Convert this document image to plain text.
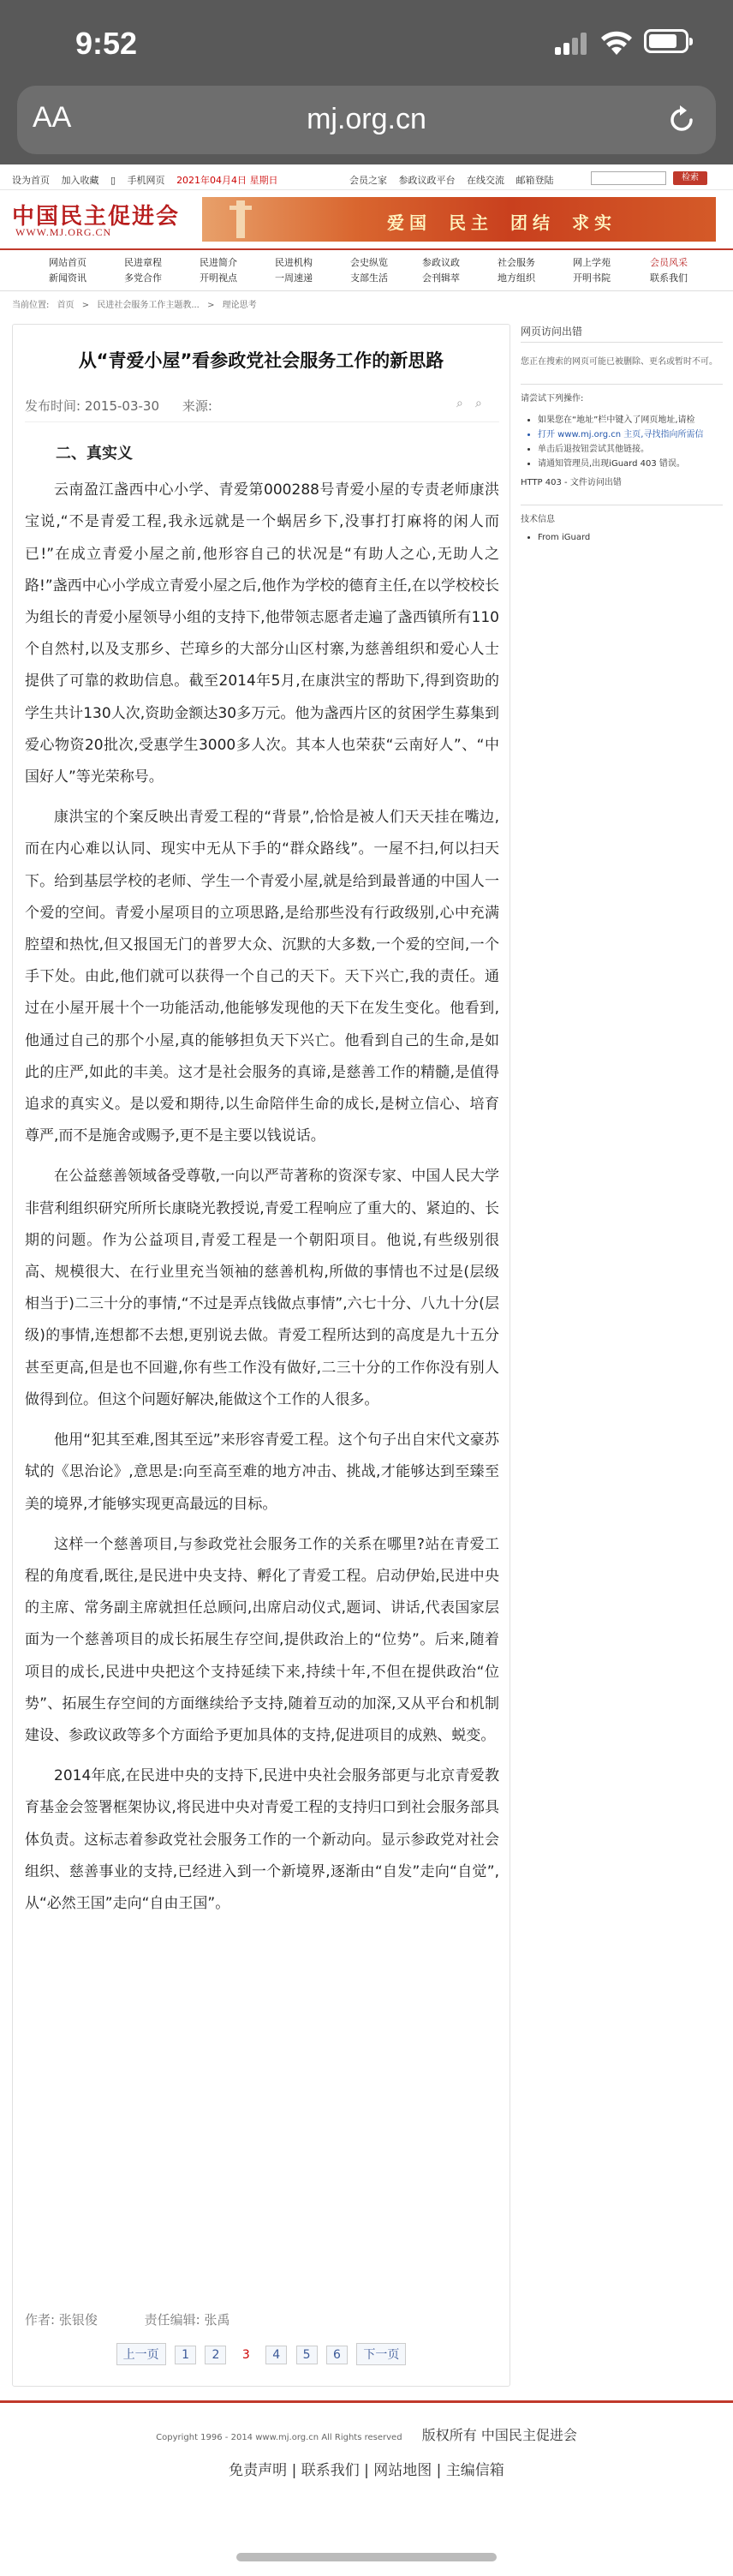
9:52
AA	mj.org.cn
设为首页 加入收藏 ▯ 手机网页 2021年04月4日 星期日	会员之家 参政议政平台 在线交流 邮箱登陆	检索
中国民主促进会
WWW.MJ.ORG.CN	爱国 民主 团结 求实
网站首页
新闻资讯
民进章程
多党合作
民进简介
开明视点
民进机构
一周速递
会史纵览
支部生活
参政议政
会刊辑萃
社会服务
地方组织
网上学苑
开明书院
会员风采
联系我们
当前位置: 首页 > 民进社会服务工作主题教... > 理论思考
从“青爱小屋”看参政党社会服务工作的新思路
发布时间: 2015-03-30 来源:	⌕ ⌕
二、真实义

云南盈江盏西中心小学、青爱第000288号青爱小屋的专责老师康洪宝说,“不是青爱工程,我永远就是一个蜗居乡下,没事打打麻将的闲人而已!”在成立青爱小屋之前,他形容自己的状况是“有助人之心,无助人之路!”盏西中心小学成立青爱小屋之后,他作为学校的德育主任,在以学校校长为组长的青爱小屋领导小组的支持下,他带领志愿者走遍了盏西镇所有110个自然村,以及支那乡、芒璋乡的大部分山区村寨,为慈善组织和爱心人士提供了可靠的救助信息。截至2014年5月,在康洪宝的帮助下,得到资助的学生共计130人次,资助金额达30多万元。他为盏西片区的贫困学生募集到爱心物资20批次,受惠学生3000多人次。其本人也荣获“云南好人”、“中国好人”等光荣称号。

康洪宝的个案反映出青爱工程的“背景”,恰恰是被人们天天挂在嘴边,而在内心难以认同、现实中无从下手的“群众路线”。一屋不扫,何以扫天下。给到基层学校的老师、学生一个青爱小屋,就是给到最普通的中国人一个爱的空间。青爱小屋项目的立项思路,是给那些没有行政级别,心中充满腔望和热忱,但又报国无门的普罗大众、沉默的大多数,一个爱的空间,一个手下处。由此,他们就可以获得一个自己的天下。天下兴亡,我的责任。通过在小屋开展十个一功能活动,他能够发现他的天下在发生变化。他看到,他通过自己的那个小屋,真的能够担负天下兴亡。他看到自己的生命,是如此的庄严,如此的丰美。这才是社会服务的真谛,是慈善工作的精髓,是值得追求的真实义。是以爱和期待,以生命陪伴生命的成长,是树立信心、培育尊严,而不是施舍或赐予,更不是主要以钱说话。

在公益慈善领域备受尊敬,一向以严苛著称的资深专家、中国人民大学非营利组织研究所所长康晓光教授说,青爱工程响应了重大的、紧迫的、长期的问题。作为公益项目,青爱工程是一个朝阳项目。他说,有些级别很高、规模很大、在行业里充当领袖的慈善机构,所做的事情也不过是(层级相当于)二三十分的事情,“不过是弄点钱做点事情”,六七十分、八九十分(层级)的事情,连想都不去想,更别说去做。青爱工程所达到的高度是九十五分甚至更高,但是也不回避,你有些工作没有做好,二三十分的工作你没有别人做得到位。但这个问题好解决,能做这个工作的人很多。

他用“犯其至难,图其至远”来形容青爱工程。这个句子出自宋代文豪苏轼的《思治论》,意思是:向至高至难的地方冲击、挑战,才能够达到至臻至美的境界,才能够实现更高最远的目标。

这样一个慈善项目,与参政党社会服务工作的关系在哪里?站在青爱工程的角度看,既往,是民进中央支持、孵化了青爱工程。启动伊始,民进中央的主席、常务副主席就担任总顾问,出席启动仪式,题词、讲话,代表国家层面为一个慈善项目的成长拓展生存空间,提供政治上的“位势”。后来,随着项目的成长,民进中央把这个支持延续下来,持续十年,不但在提供政治“位势”、拓展生存空间的方面继续给予支持,随着互动的加深,又从平台和机制建设、参政议政等多个方面给予更加具体的支持,促进项目的成熟、蜕变。

2014年底,在民进中央的支持下,民进中央社会服务部更与北京青爱教育基金会签署框架协议,将民进中央对青爱工程的支持归口到社会服务部具体负责。这标志着参政党社会服务工作的一个新动向。显示参政党对社会组织、慈善事业的支持,已经进入到一个新境界,逐渐由“自发”走向“自觉”,从“必然王国”走向“自由王国”。

作者: 张银俊	责任编辑: 张禹
上一页 1 2 3 4 5 6 下一页
网页访问出错
您正在搜索的网页可能已被删除、更名或暂时不可。
请尝试下列操作:
• 如果您在“地址”栏中键入了网页地址,请检
• 打开 www.mj.org.cn 主页,寻找指向所需信
• 单击后退按钮尝试其他链接。
• 请通知管理员,出现iGuard 403 错误。
HTTP 403 - 文件访问出错
技术信息
• From iGuard
Copyright 1996 - 2014 www.mj.org.cn All Rights reserved 版权所有 中国民主促进会
免责声明 | 联系我们 | 网站地图 | 主编信箱
